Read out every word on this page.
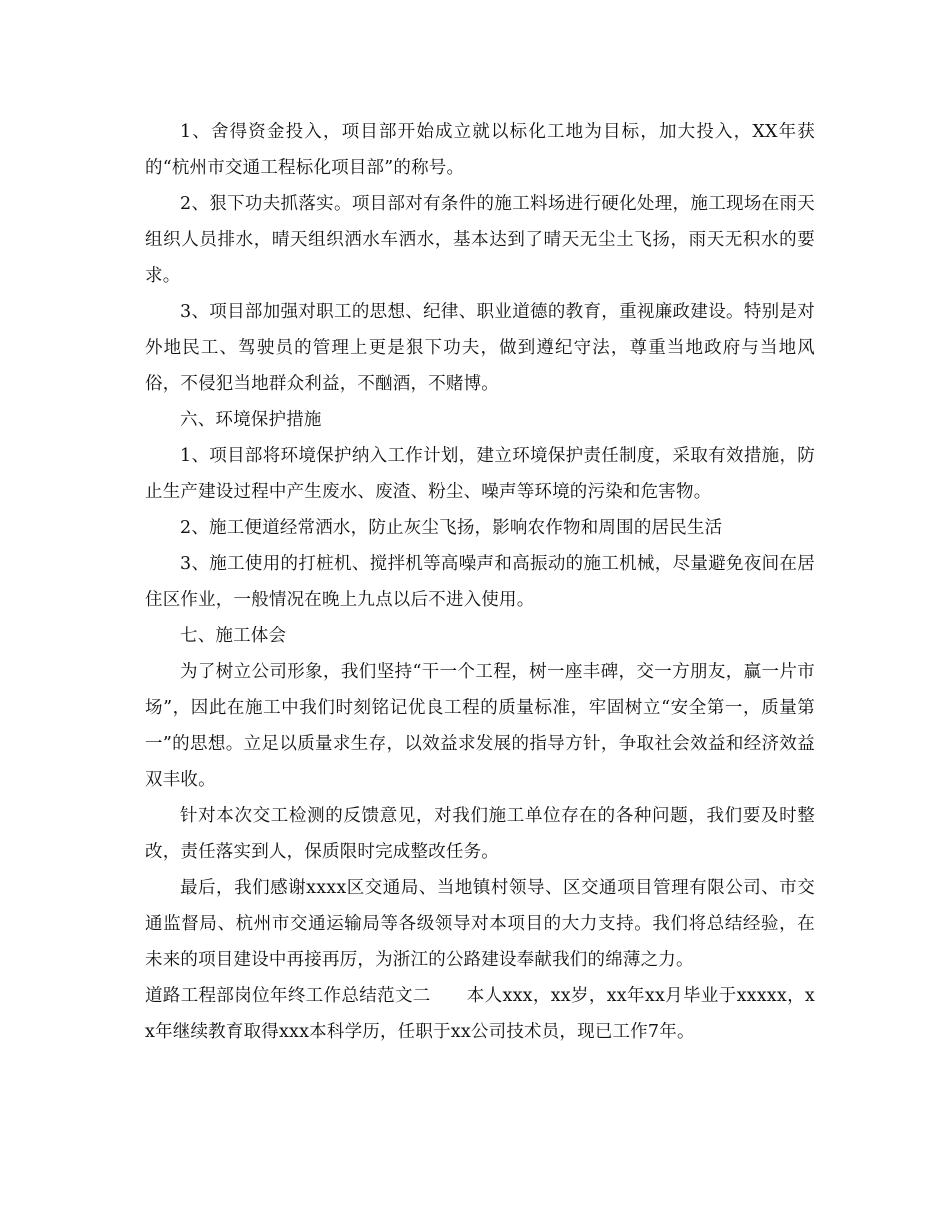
1、舍得资金投入，项目部开始成立就以标化工地为目标，加大投入，XX年获的“杭州市交通工程标化项目部”的称号。

2、狠下功夫抓落实。项目部对有条件的施工料场进行硬化处理，施工现场在雨天组织人员排水，晴天组织洒水车洒水，基本达到了晴天无尘土飞扬，雨天无积水的要求。

3、项目部加强对职工的思想、纪律、职业道德的教育，重视廉政建设。特别是对外地民工、驾驶员的管理上更是狠下功夫，做到遵纪守法，尊重当地政府与当地风俗，不侵犯当地群众利益，不酗酒，不赌博。

六、环境保护措施

1、项目部将环境保护纳入工作计划，建立环境保护责任制度，采取有效措施，防止生产建设过程中产生废水、废渣、粉尘、噪声等环境的污染和危害物。

2、施工便道经常洒水，防止灰尘飞扬，影响农作物和周围的居民生活

3、施工使用的打桩机、搅拌机等高噪声和高振动的施工机械，尽量避免夜间在居住区作业，一般情况在晚上九点以后不进入使用。

七、施工体会

为了树立公司形象，我们坚持“干一个工程，树一座丰碑，交一方朋友，赢一片市场”，因此在施工中我们时刻铭记优良工程的质量标准，牢固树立“安全第一，质量第一”的思想。立足以质量求生存，以效益求发展的指导方针，争取社会效益和经济效益双丰收。

针对本次交工检测的反馈意见，对我们施工单位存在的各种问题，我们要及时整改，责任落实到人，保质限时完成整改任务。

最后，我们感谢xxxx区交通局、当地镇村领导、区交通项目管理有限公司、市交通监督局、杭州市交通运输局等各级领导对本项目的大力支持。我们将总结经验，在未来的项目建设中再接再厉，为浙江的公路建设奉献我们的绵薄之力。

道路工程部岗位年终工作总结范文二 本人xxx，xx岁，xx年xx月毕业于xxxxx，xx年继续教育取得xxx本科学历，任职于xx公司技术员，现已工作7年。
